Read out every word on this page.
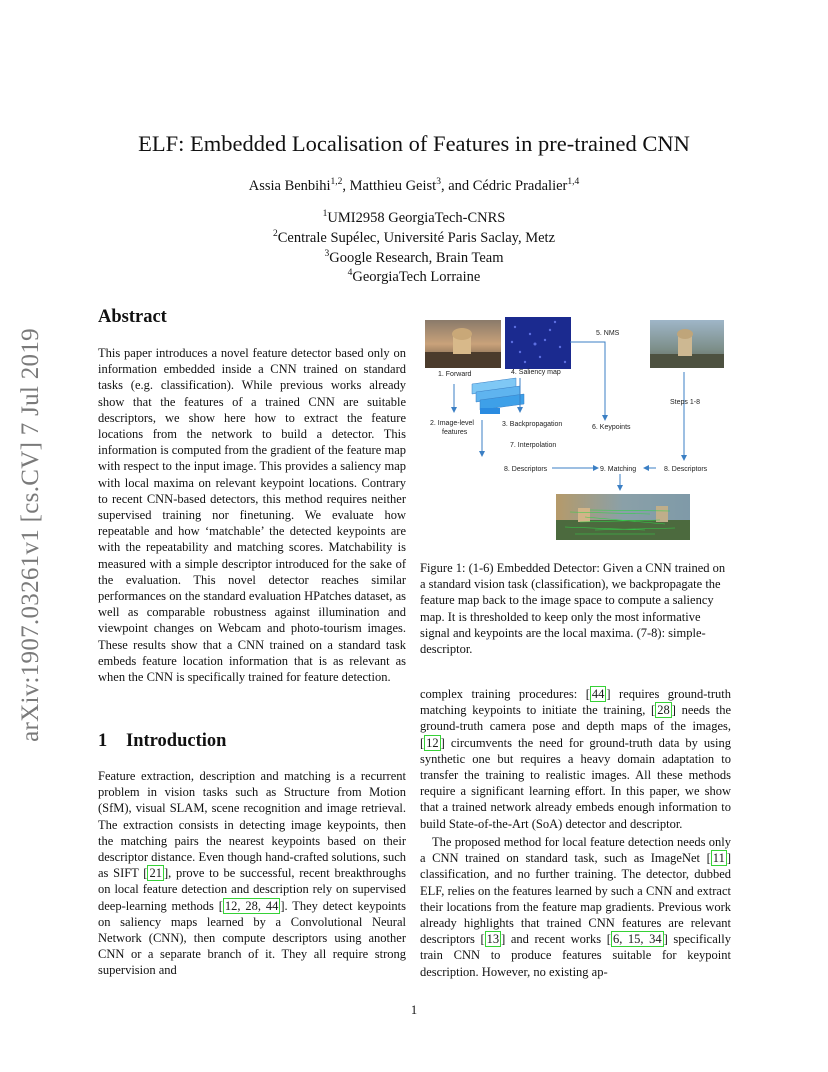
arXiv:1907.03261v1 [cs.CV] 7 Jul 2019
ELF: Embedded Localisation of Features in pre-trained CNN
Assia Benbihi$^{1,2}$, Matthieu Geist$^3$, and Cédric Pradalier$^{1,4}$
$^1$UMI2958 GeorgiaTech-CNRS
$^2$Centrale Supélec, Université Paris Saclay, Metz
$^3$Google Research, Brain Team
$^4$GeorgiaTech Lorraine
Abstract

This paper introduces a novel feature detector based only on information embedded inside a CNN trained on standard tasks (e.g. classification). While previous works already show that the features of a trained CNN are suitable descriptors, we show here how to extract the feature locations from the network to build a detector. This information is computed from the gradient of the feature map with respect to the input image. This provides a saliency map with local maxima on relevant keypoint locations. Contrary to recent CNN-based detectors, this method requires neither supervised training nor finetuning. We evaluate how repeatable and how ‘matchable’ the detected keypoints are with the repeatability and matching scores. Matchability is measured with a simple descriptor introduced for the sake of the evaluation. This novel detector reaches similar performances on the standard evaluation HPatches dataset, as well as comparable robustness against illumination and viewpoint changes on Webcam and photo-tourism images. These results show that a CNN trained on a standard task embeds feature location information that is as relevant as when the CNN is specifically trained for feature detection.

1 Introduction

Feature extraction, description and matching is a recurrent problem in vision tasks such as Structure from Motion (SfM), visual SLAM, scene recognition and image retrieval. The extraction consists in detecting image keypoints, then the matching pairs the nearest keypoints based on their descriptor distance. Even though hand-crafted solutions, such as SIFT [ 21 ], prove to be successful, recent breakthroughs on local feature detection and description rely on supervised deep-learning methods [ 12, 28, 44 ]. They detect keypoints on saliency maps learned by a Convolutional Neural Network (CNN), then compute descriptors using another CNN or a separate branch of it. They all require strong supervision and

5. NMS
1. Forward	4. Saliency map
2. Image-level
features
3. Backpropagation	6. Keypoints
7. Interpolation
Steps 1-8
8. Descriptors	9. Matching	8. Descriptors

Figure 1: (1-6) Embedded Detector: Given a CNN trained on a standard vision task (classification), we backpropagate the feature map back to the image space to compute a saliency map. It is thresholded to keep only the most informative signal and keypoints are the local maxima. (7-8): simple-descriptor.

complex training procedures: [ 44 ] requires ground-truth matching keypoints to initiate the training, [ 28 ] needs the ground-truth camera pose and depth maps of the images, [ 12 ] circumvents the need for ground-truth data by using synthetic one but requires a heavy domain adaptation to transfer the training to realistic images. All these methods require a significant learning effort. In this paper, we show that a trained network already embeds enough information to build State-of-the-Art (SoA) detector and descriptor.

The proposed method for local feature detection needs only a CNN trained on standard task, such as ImageNet [ 11 ] classification, and no further training. The detector, dubbed ELF, relies on the features learned by such a CNN and extract their locations from the feature map gradients. Previous work already highlights that trained CNN features are relevant descriptors [ 13 ] and recent works [ 6, 15, 34 ] specifically train CNN to produce features suitable for keypoint description. However, no existing ap-

1
